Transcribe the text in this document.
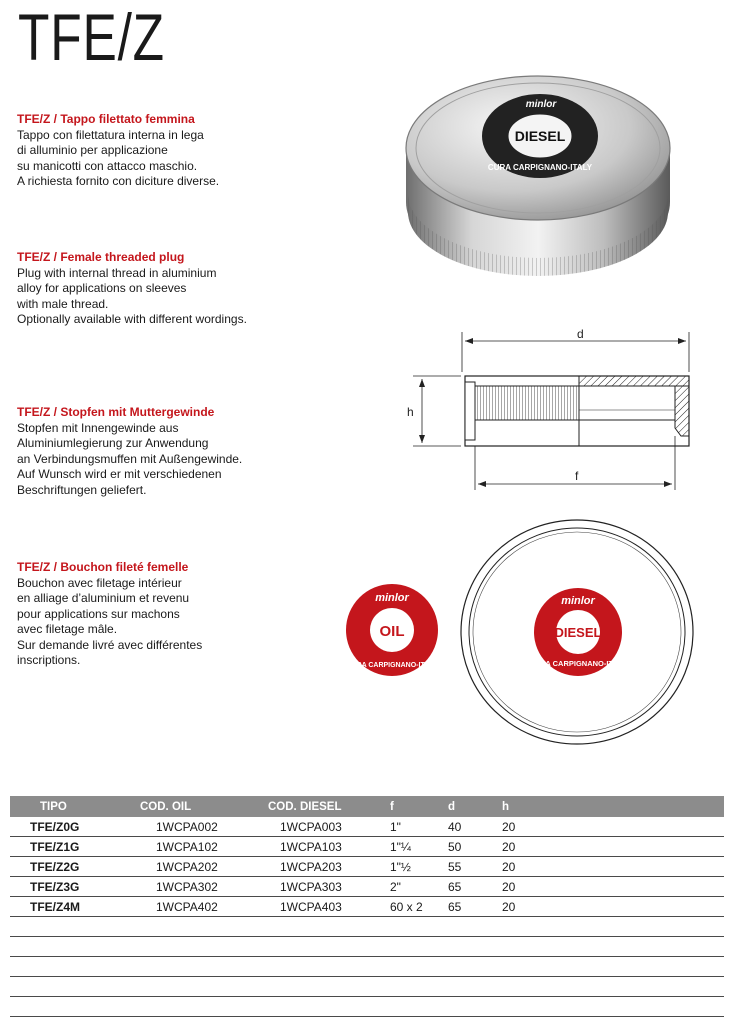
TFE/Z
TFE/Z / Tappo filettato femmina
Tappo con filettatura interna in lega
di alluminio per applicazione
su manicotti con attacco maschio.
A richiesta fornito con diciture diverse.
TFE/Z / Female threaded plug
Plug with internal thread in aluminium
alloy for applications on sleeves
with male thread.
Optionally available with different wordings.
TFE/Z / Stopfen mit Muttergewinde
Stopfen mit Innengewinde aus
Aluminiumlegierung zur Anwendung
an Verbindungsmuffen mit Außengewinde.
Auf Wunsch wird er mit verschiedenen
Beschriftungen geliefert.
TFE/Z / Bouchon fileté femelle
Bouchon avec filetage intérieur
en alliage d’aluminium et revenu
pour applications sur machons
avec filetage mâle.
Sur demande livré avec différentes
inscriptions.
DIESEL
minlor
CURA CARPIGNANO-ITALY
d
h
f
DIESEL
minlor
CURA CARPIGNANO-ITALY
OIL
minlor
CURA CARPIGNANO-ITALY
TIPO	COD. OIL	COD. DIESEL	f	d	h	
TFE/Z0G	1WCPA002	1WCPA003	1"	40	20	
TFE/Z1G	1WCPA102	1WCPA103	1"¼	50	20	
TFE/Z2G	1WCPA202	1WCPA203	1"½	55	20	
TFE/Z3G	1WCPA302	1WCPA303	2"	65	20	
TFE/Z4M	1WCPA402	1WCPA403	60 x 2	65	20	
